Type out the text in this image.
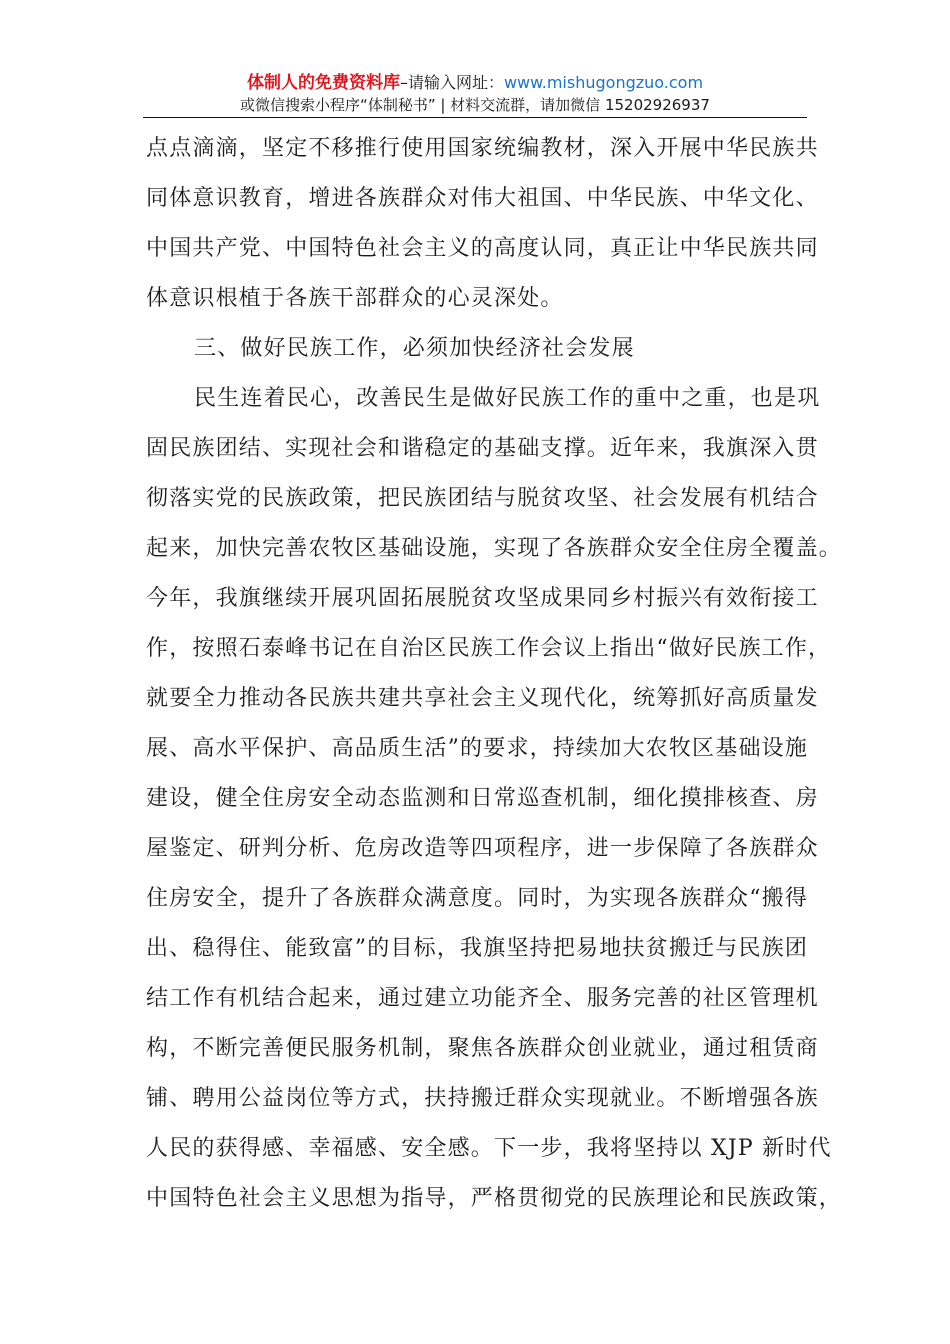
体制人的免费资料库–请输入网址：www.mishugongzuo.com
或微信搜索小程序“体制秘书” | 材料交流群，请加微信 15202926937
点点滴滴，坚定不移推行使用国家统编教材，深入开展中华民族共
同体意识教育，增进各族群众对伟大祖国、中华民族、中华文化、
中国共产党、中国特色社会主义的高度认同，真正让中华民族共同
体意识根植于各族干部群众的心灵深处。
三、做好民族工作，必须加快经济社会发展
民生连着民心，改善民生是做好民族工作的重中之重，也是巩
固民族团结、实现社会和谐稳定的基础支撑。近年来，我旗深入贯
彻落实党的民族政策，把民族团结与脱贫攻坚、社会发展有机结合
起来，加快完善农牧区基础设施，实现了各族群众安全住房全覆盖。
今年，我旗继续开展巩固拓展脱贫攻坚成果同乡村振兴有效衔接工
作，按照石泰峰书记在自治区民族工作会议上指出“做好民族工作，
就要全力推动各民族共建共享社会主义现代化，统筹抓好高质量发
展、高水平保护、高品质生活”的要求，持续加大农牧区基础设施
建设，健全住房安全动态监测和日常巡查机制，细化摸排核查、房
屋鉴定、研判分析、危房改造等四项程序，进一步保障了各族群众
住房安全，提升了各族群众满意度。同时，为实现各族群众“搬得
出、稳得住、能致富”的目标，我旗坚持把易地扶贫搬迁与民族团
结工作有机结合起来，通过建立功能齐全、服务完善的社区管理机
构，不断完善便民服务机制，聚焦各族群众创业就业，通过租赁商
铺、聘用公益岗位等方式，扶持搬迁群众实现就业。不断增强各族
人民的获得感、幸福感、安全感。下一步，我将坚持以 XJP 新时代
中国特色社会主义思想为指导，严格贯彻党的民族理论和民族政策，
